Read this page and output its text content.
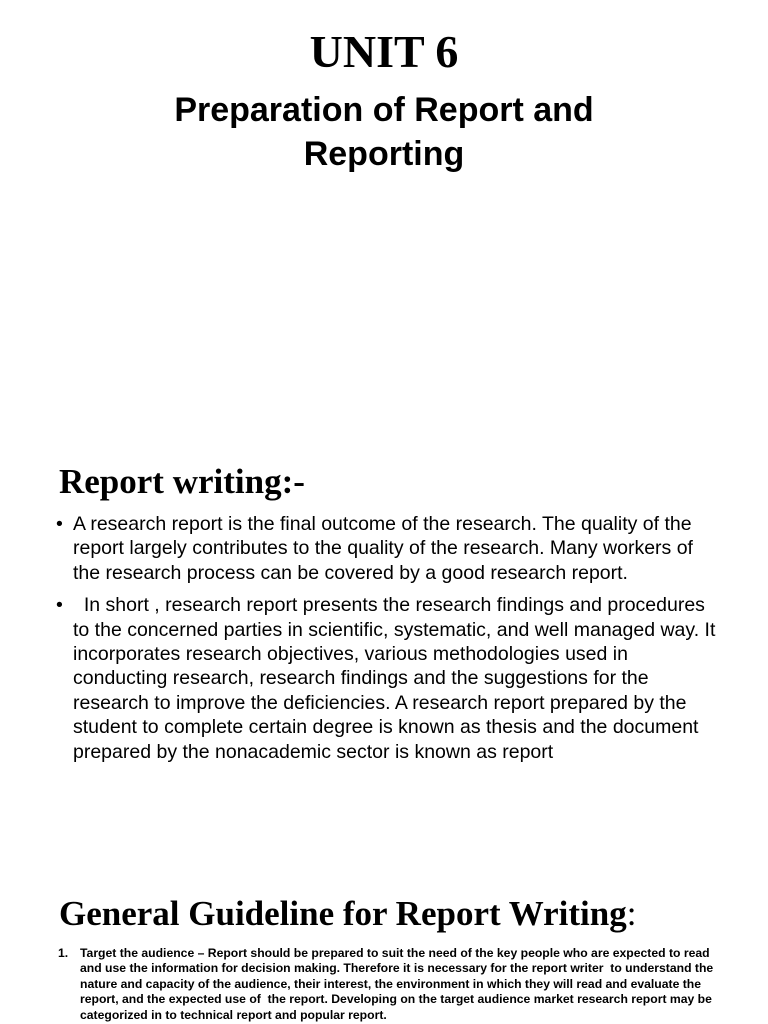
UNIT 6
Preparation of Report and Reporting
Report writing:-
• A research report is the final outcome of the research. The quality of the report largely contributes to the quality of the research. Many workers of the research process can be covered by a good research report.
• In short , research report presents the research findings and procedures to the concerned parties in scientific, systematic, and well managed way. It incorporates research objectives, various methodologies used in conducting research, research findings and the suggestions for the research to improve the deficiencies. A research report prepared by the student to complete certain degree is known as thesis and the document prepared by the nonacademic sector is known as report
General Guideline for Report Writing:
1. Target the audience – Report should be prepared to suit the need of the key people who are expected to read and use the information for decision making. Therefore it is necessary for the report writer  to understand the nature and capacity of the audience, their interest, the environment in which they will read and evaluate the report, and the expected use of  the report. Developing on the target audience market research report may be categorized in to technical report and popular report.
